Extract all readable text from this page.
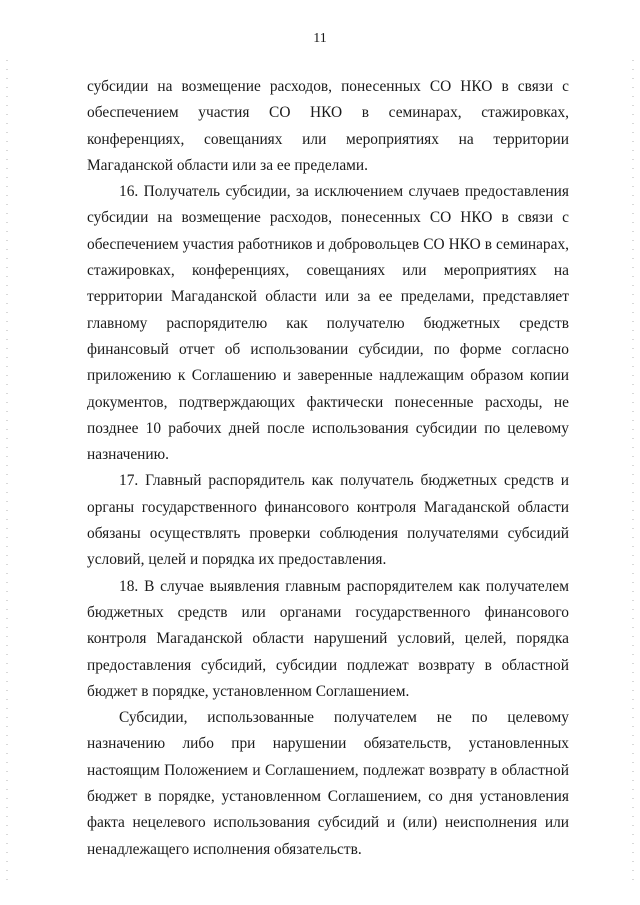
11

субсидии на возмещение расходов, понесенных СО НКО в связи с обеспечением участия СО НКО в семинарах, стажировках, конференциях, совещаниях или мероприятиях на территории Магаданской области или за ее пределами.

16. Получатель субсидии, за исключением случаев предоставления субсидии на возмещение расходов, понесенных СО НКО в связи с обеспечением участия работников и добровольцев СО НКО в семинарах, стажировках, конференциях, совещаниях или мероприятиях на территории Магаданской области или за ее пределами, представляет главному распорядителю как получателю бюджетных средств финансовый отчет об использовании субсидии, по форме согласно приложению к Соглашению и заверенные надлежащим образом копии документов, подтверждающих фактически понесенные расходы, не позднее 10 рабочих дней после использования субсидии по целевому назначению.

17. Главный распорядитель как получатель бюджетных средств и органы государственного финансового контроля Магаданской области обязаны осуществлять проверки соблюдения получателями субсидий условий, целей и порядка их предоставления.

18. В случае выявления главным распорядителем как получателем бюджетных средств или органами государственного финансового контроля Магаданской области нарушений условий, целей, порядка предоставления субсидий, субсидии подлежат возврату в областной бюджет в порядке, установленном Соглашением.

Субсидии, использованные получателем не по целевому назначению либо при нарушении обязательств, установленных настоящим Положением и Соглашением, подлежат возврату в областной бюджет в порядке, установленном Соглашением, со дня установления факта нецелевого использования субсидий и (или) неисполнения или ненадлежащего исполнения обязательств.
